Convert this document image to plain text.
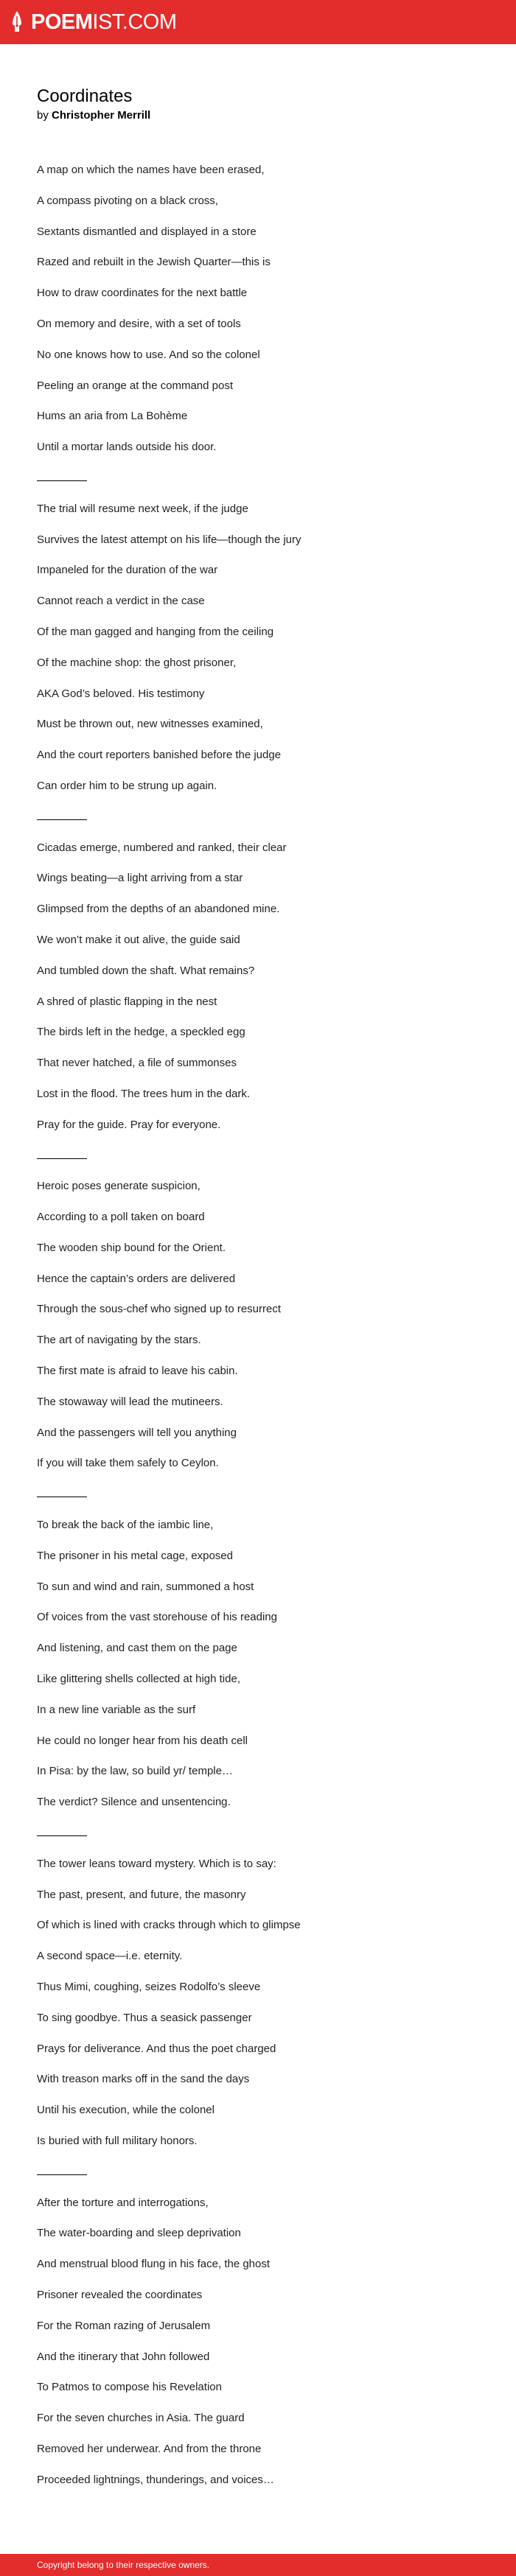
POEMIST.COM
Coordinates

by Christopher Merrill

A map on which the names have been erased,
A compass pivoting on a black cross,
Sextants dismantled and displayed in a store
Razed and rebuilt in the Jewish Quarter—this is
How to draw coordinates for the next battle
On memory and desire, with a set of tools
No one knows how to use. And so the colonel
Peeling an orange at the command post
Hums an aria from La Bohème
Until a mortar lands outside his door.
The trial will resume next week, if the judge
Survives the latest attempt on his life—though the jury
Impaneled for the duration of the war
Cannot reach a verdict in the case
Of the man gagged and hanging from the ceiling
Of the machine shop: the ghost prisoner,
AKA God’s beloved. His testimony
Must be thrown out, new witnesses examined,
And the court reporters banished before the judge
Can order him to be strung up again.
Cicadas emerge, numbered and ranked, their clear
Wings beating—a light arriving from a star
Glimpsed from the depths of an abandoned mine.
We won’t make it out alive, the guide said
And tumbled down the shaft. What remains?
A shred of plastic flapping in the nest
The birds left in the hedge, a speckled egg
That never hatched, a file of summonses
Lost in the flood. The trees hum in the dark.
Pray for the guide. Pray for everyone.
Heroic poses generate suspicion,
According to a poll taken on board
The wooden ship bound for the Orient.
Hence the captain’s orders are delivered
Through the sous-chef who signed up to resurrect
The art of navigating by the stars.
The first mate is afraid to leave his cabin.
The stowaway will lead the mutineers.
And the passengers will tell you anything
If you will take them safely to Ceylon.
To break the back of the iambic line,
The prisoner in his metal cage, exposed
To sun and wind and rain, summoned a host
Of voices from the vast storehouse of his reading
And listening, and cast them on the page
Like glittering shells collected at high tide,
In a new line variable as the surf
He could no longer hear from his death cell
In Pisa: by the law, so build yr/ temple…
The verdict? Silence and unsentencing.
The tower leans toward mystery. Which is to say:
The past, present, and future, the masonry
Of which is lined with cracks through which to glimpse
A second space—i.e. eternity.
Thus Mimi, coughing, seizes Rodolfo’s sleeve
To sing goodbye. Thus a seasick passenger
Prays for deliverance. And thus the poet charged
With treason marks off in the sand the days
Until his execution, while the colonel
Is buried with full military honors.
After the torture and interrogations,
The water-boarding and sleep deprivation
And menstrual blood flung in his face, the ghost
Prisoner revealed the coordinates
For the Roman razing of Jerusalem
And the itinerary that John followed
To Patmos to compose his Revelation
For the seven churches in Asia. The guard
Removed her underwear. And from the throne
Proceeded lightnings, thunderings, and voices…
Copyright belong to their respective owners.
